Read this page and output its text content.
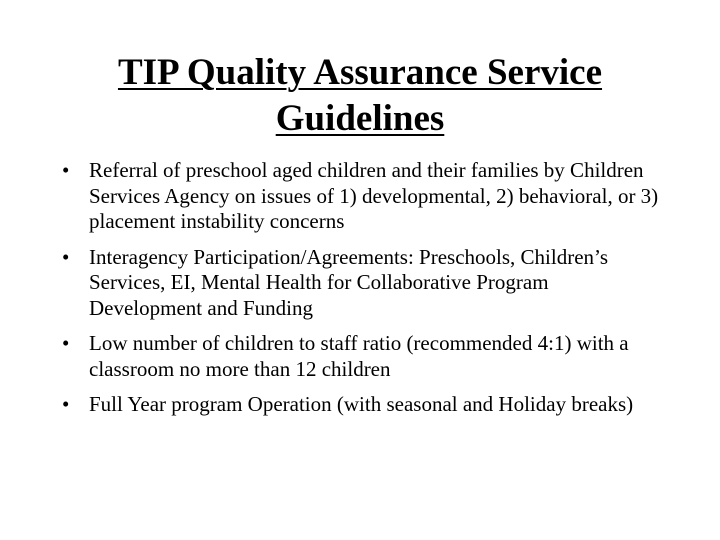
TIP Quality Assurance Service Guidelines
• Referral of preschool aged children and their families by Children Services Agency on issues of 1) developmental, 2) behavioral, or 3) placement instability concerns
• Interagency Participation/Agreements: Preschools, Children’s Services, EI, Mental Health for Collaborative Program Development and Funding
• Low number of children to staff ratio (recommended 4:1) with a classroom no more than 12 children
• Full Year program Operation (with seasonal and Holiday breaks)
